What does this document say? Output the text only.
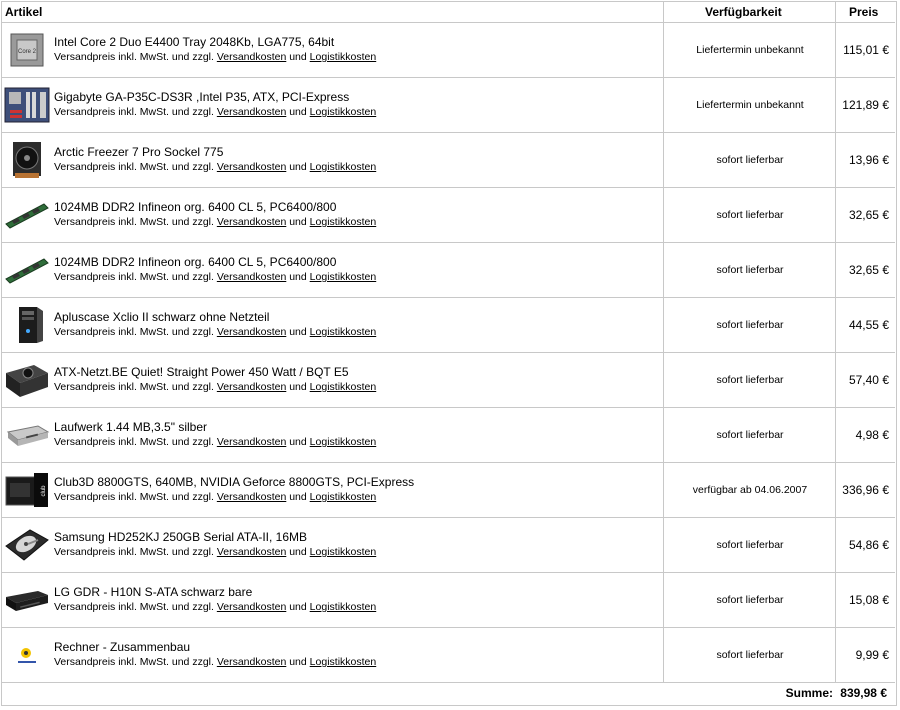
Artikel	Verfügbarkeit	Preis
Core 2
Intel Core 2 Duo E4400 Tray 2048Kb, LGA775, 64bit
Versandpreis inkl. MwSt. und zzgl. Versandkosten und Logistikkosten
Liefertermin unbekannt	115,01 €
Gigabyte GA-P35C-DS3R ,Intel P35, ATX, PCI-Express
Versandpreis inkl. MwSt. und zzgl. Versandkosten und Logistikkosten
Liefertermin unbekannt	121,89 €
Arctic Freezer 7 Pro Sockel 775
Versandpreis inkl. MwSt. und zzgl. Versandkosten und Logistikkosten
sofort lieferbar	13,96 €
1024MB DDR2 Infineon org. 6400 CL 5, PC6400/800
Versandpreis inkl. MwSt. und zzgl. Versandkosten und Logistikkosten
sofort lieferbar	32,65 €
1024MB DDR2 Infineon org. 6400 CL 5, PC6400/800
Versandpreis inkl. MwSt. und zzgl. Versandkosten und Logistikkosten
sofort lieferbar	32,65 €
Apluscase Xclio II schwarz ohne Netzteil
Versandpreis inkl. MwSt. und zzgl. Versandkosten und Logistikkosten
sofort lieferbar	44,55 €
ATX-Netzt.BE Quiet! Straight Power 450 Watt / BQT E5
Versandpreis inkl. MwSt. und zzgl. Versandkosten und Logistikkosten
sofort lieferbar	57,40 €
Laufwerk 1.44 MB,3.5" silber
Versandpreis inkl. MwSt. und zzgl. Versandkosten und Logistikkosten
sofort lieferbar	4,98 €
club
Club3D 8800GTS, 640MB, NVIDIA Geforce 8800GTS, PCI-Express
Versandpreis inkl. MwSt. und zzgl. Versandkosten und Logistikkosten
verfügbar ab 04.06.2007	336,96 €
Samsung HD252KJ 250GB Serial ATA-II, 16MB
Versandpreis inkl. MwSt. und zzgl. Versandkosten und Logistikkosten
sofort lieferbar	54,86 €
LG GDR - H10N S-ATA schwarz bare
Versandpreis inkl. MwSt. und zzgl. Versandkosten und Logistikkosten
sofort lieferbar	15,08 €
Rechner - Zusammenbau
Versandpreis inkl. MwSt. und zzgl. Versandkosten und Logistikkosten
sofort lieferbar	9,99 €
Summe: 839,98 €
